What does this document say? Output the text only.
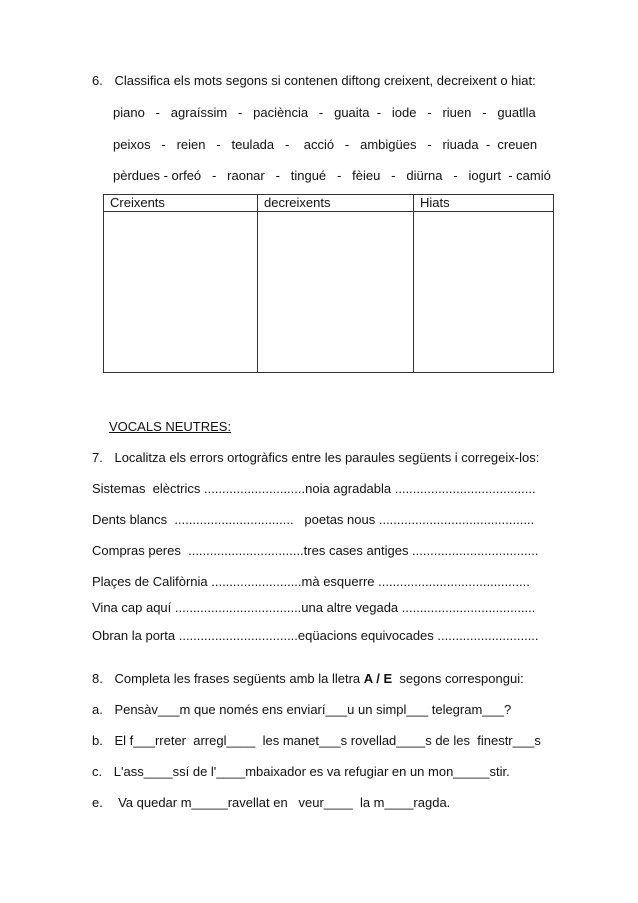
6. Classifica els mots segons si contenen diftong creixent, decreixent o hiat:
piano   -   agraíssim   -   paciència   -   guaita  -   iode   -   riuen   -   guatlla
peixos   -   reien   -   teulada   -    acció   -   ambigües   -   riuada  -  creuen
pèrdues - orfeó   -   raonar   -   tingué   -   fèieu   -   diürna   -   iogurt  - camió
Creixents	decreixents	Hiats

VOCALS NEUTRES:
7. Localitza els errors ortogràfics entre les paraules següents i corregeix-los:
Sistemas  elèctrics ............................noia agradabla .......................................
Dents blancs  .................................   poetas nous ...........................................
Compras peres  ................................tres cases antiges ...................................
Plaçes de Califòrnia .........................mà esquerre ..........................................
Vina cap aquí ...................................una altre vegada .....................................
Obran la porta .................................eqüacions equivocades ............................
8. Completa les frases següents amb la lletra A / E  segons correspongui:
a. Pensàv___m que només ens enviarí___u un simpl___ telegram___?
b. El f___rreter  arregl____  les manet___s rovellad____s de les  finestr___s
c. L'ass____ssí de l'____mbaixador es va refugiar en un mon_____stir.
e.  Va quedar m_____ravellat en   veur____  la m____ragda.
